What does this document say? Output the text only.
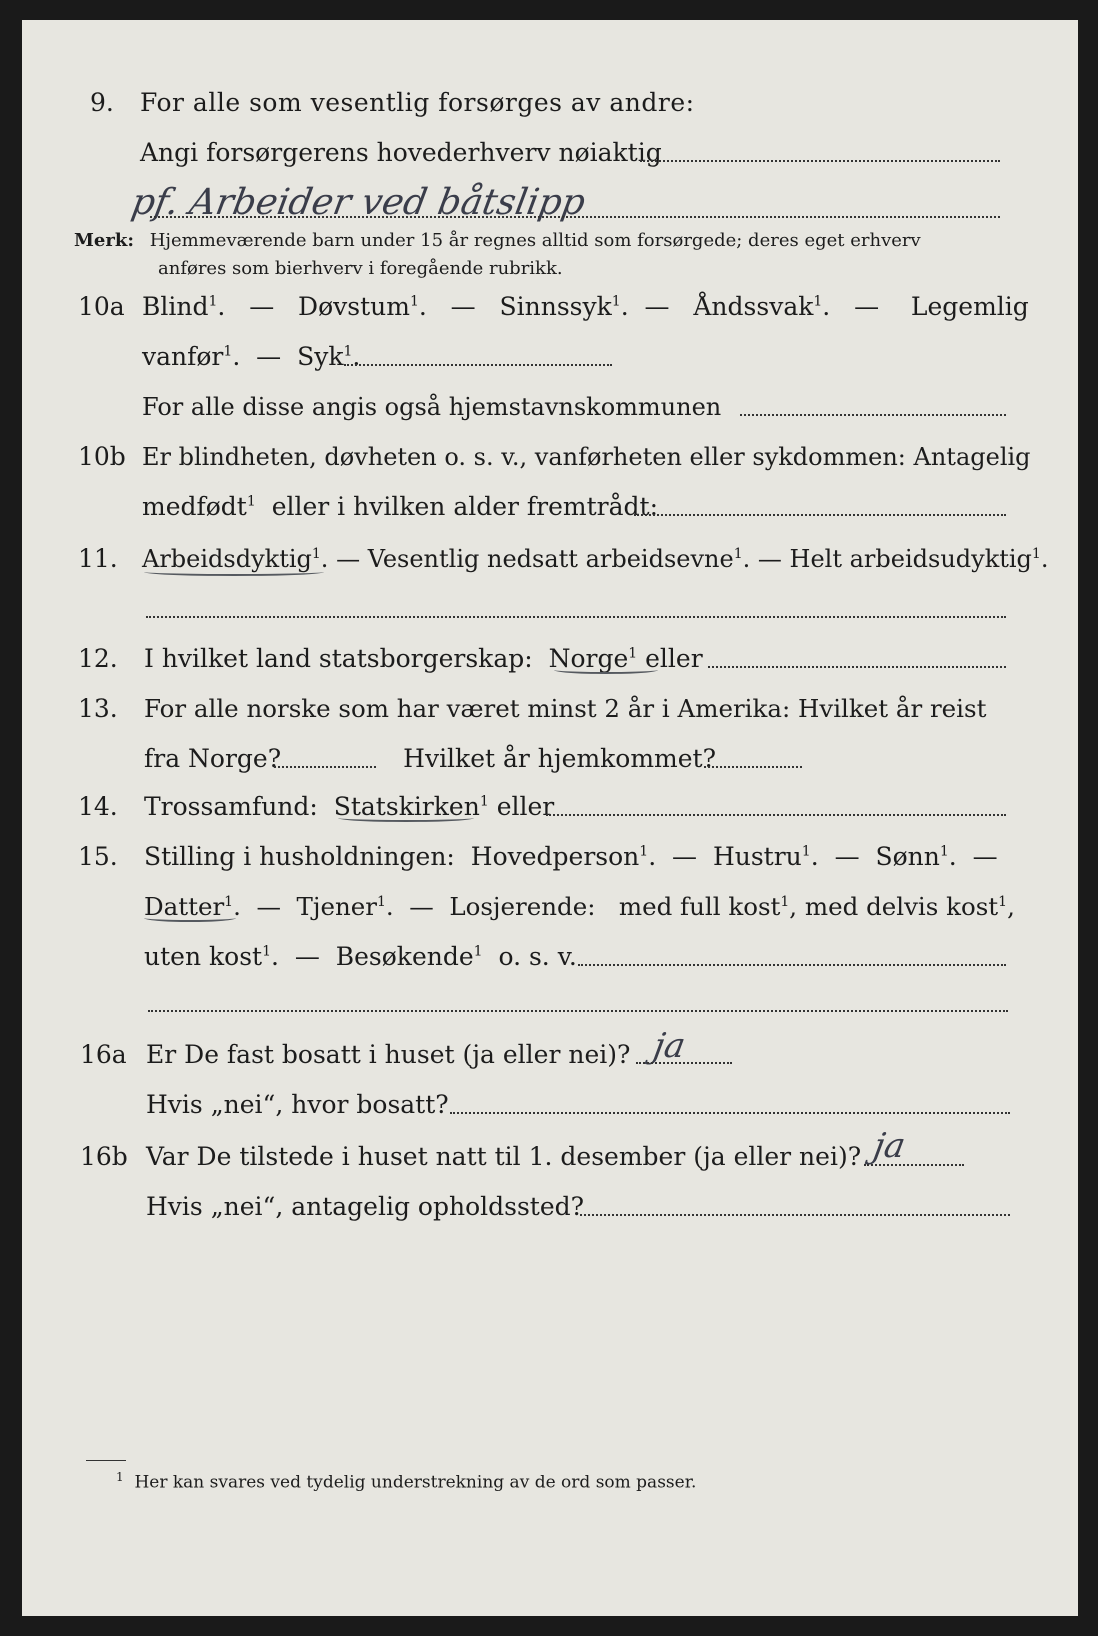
9. For alle som vesentlig forsørges av andre:
Angi forsørgerens hovederhverv nøiaktig
pf. Arbeider ved båtslipp
Merk: Hjemmeværende barn under 15 år regnes alltid som forsørgede; deres eget erhverv
anføres som bierhverv i foregående rubrikk.
10a Blind$^1$.   — Døvstum$^1$.   — Sinnssyk$^1$.  — Åndssvak$^1$.   — Legemlig
vanfør$^1$.  — Syk$^1$.
For alle disse angis også hjemstavnskommunen
10b Er blindheten, døvheten o. s. v., vanførheten eller sykdommen: Antagelig
medfødt$^1$ eller i hvilken alder fremtrådt:
11. Arbeidsdyktig$^1$. — Vesentlig nedsatt arbeidsevne$^1$. — Helt arbeidsudyktig$^1$.
12. I hvilket land statsborgerskap: Norge$^1$ eller
13. For alle norske som har været minst 2 år i Amerika: Hvilket år reist
fra Norge?	Hvilket år hjemkommet?
14. Trossamfund: Statskirken$^1$ eller
15. Stilling i husholdningen: Hovedperson$^1$.  — Hustru$^1$.  — Sønn$^1$.  —
Datter$^1$.  — Tjener$^1$.  — Losjerende: med full kost$^1$, med delvis kost$^1$,
uten kost$^1$.  — Besøkende$^1$ o. s. v.
16a Er De fast bosatt i huset (ja eller nei)? ja
Hvis „nei“, hvor bosatt?
16b Var De tilstede i huset natt til 1. desember (ja eller nei)? ja
Hvis „nei“, antagelig opholdssted?
$^1$ Her kan svares ved tydelig understrekning av de ord som passer.
